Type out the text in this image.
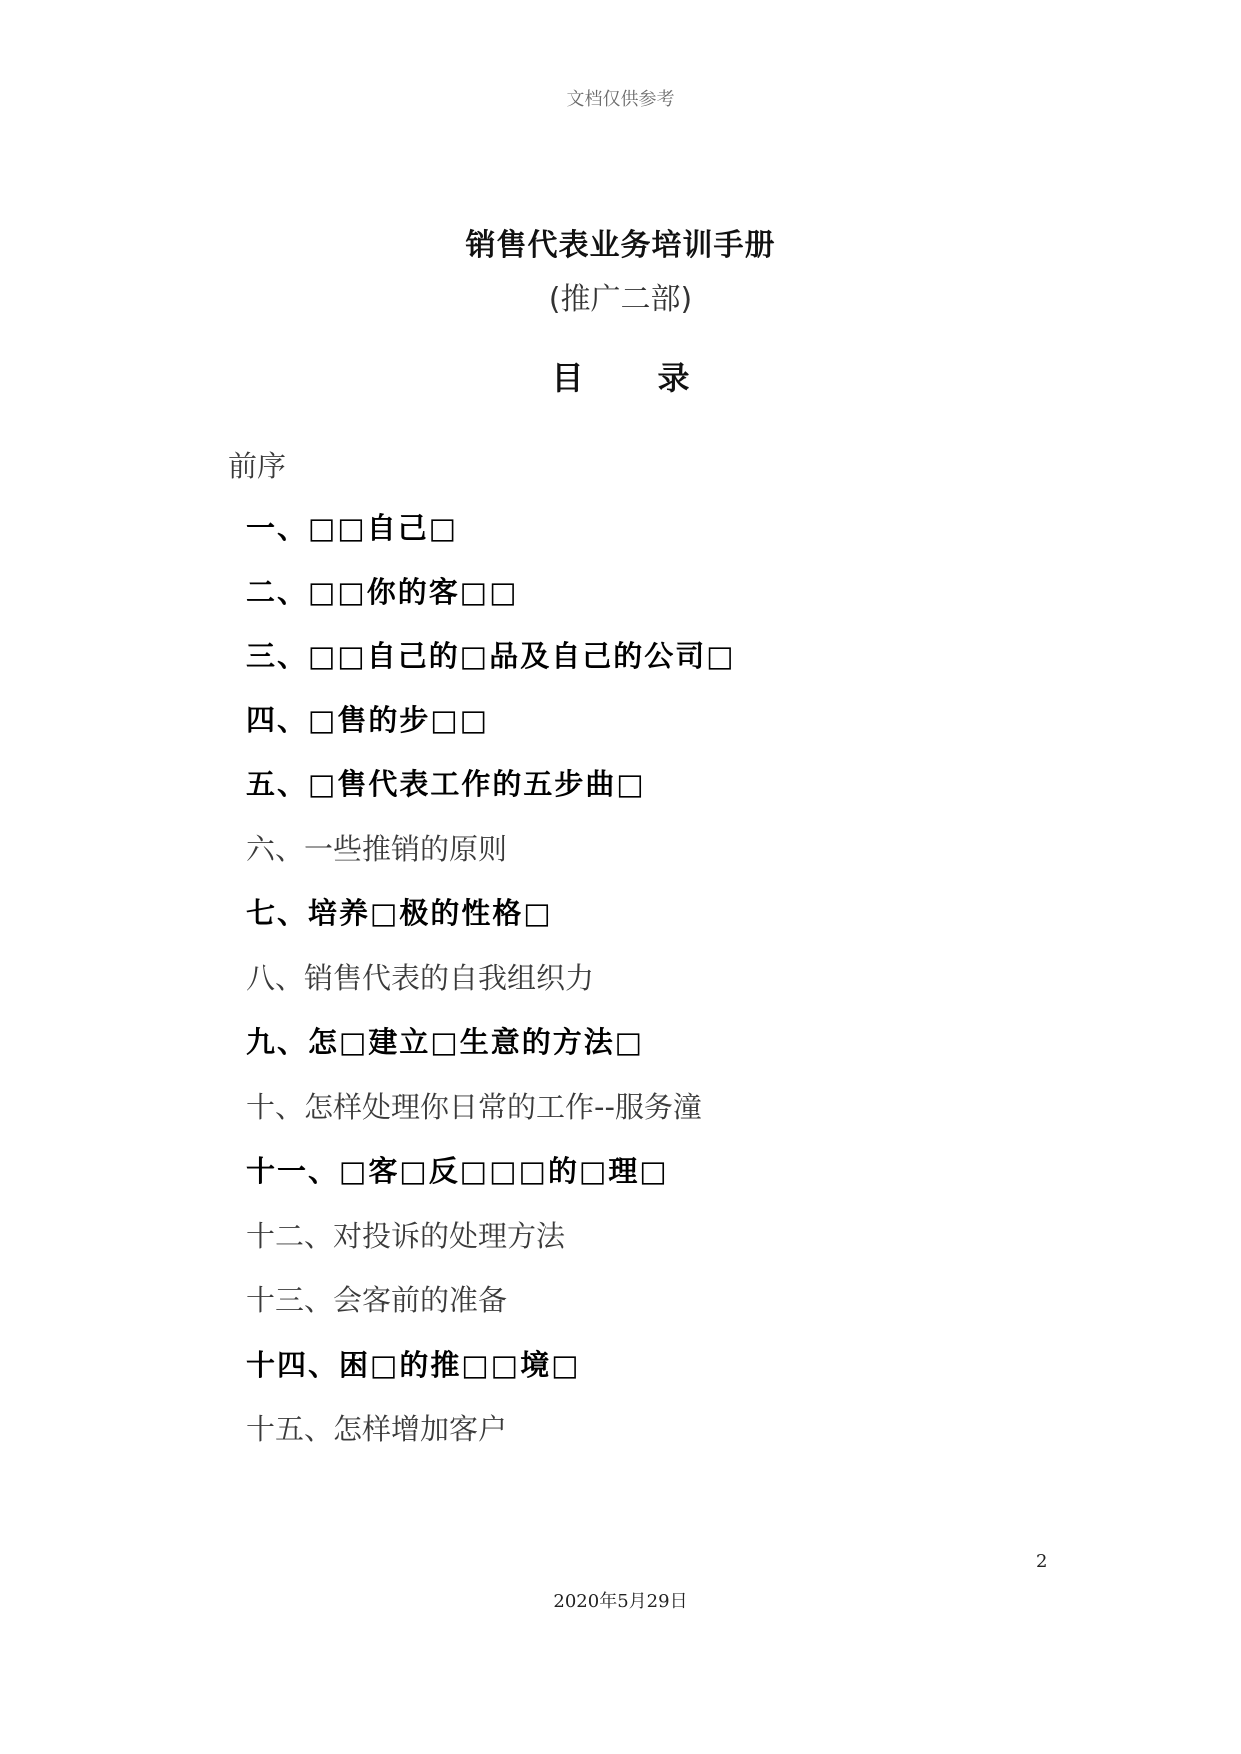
文档仅供参考
销售代表业务培训手册
(推广二部)
目 录
前序
一、□□自己□
二、□□你的客□□
三、□□自己的□品及自己的公司□
四、□售的步□□
五、□售代表工作的五步曲□
六、一些推销的原则
七、培养□极的性格□
八、销售代表的自我组织力
九、怎□建立□生意的方法□
十、怎样处理你日常的工作--服务潼
十一、□客□反□□□的□理□
十二、对投诉的处理方法
十三、会客前的准备
十四、困□的推□□境□
十五、怎样增加客户
2
2020年5月29日
